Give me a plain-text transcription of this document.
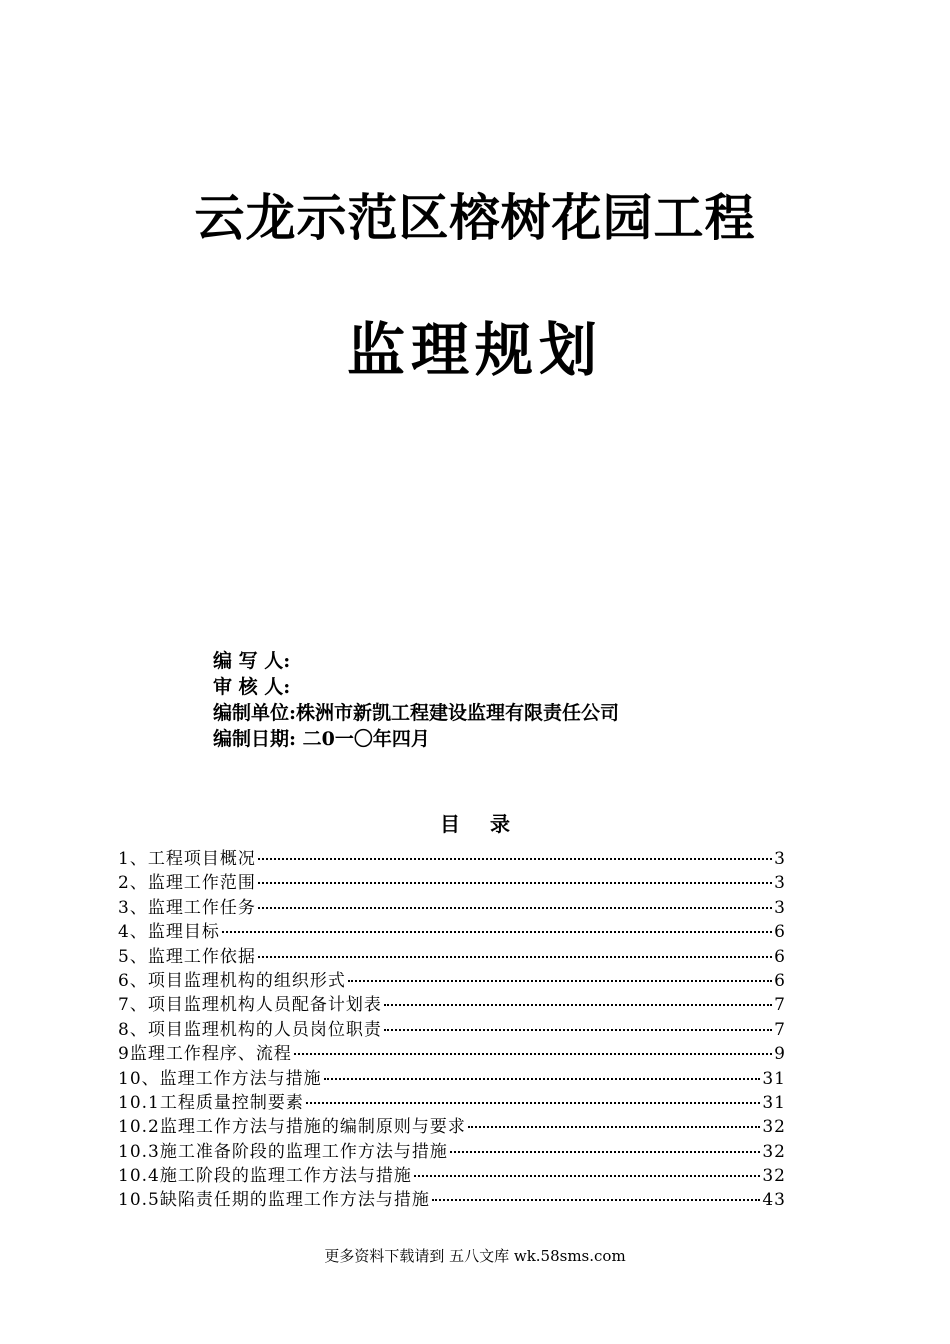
云龙示范区榕树花园工程
监理规划
编 写 人:
审 核 人:
编制单位:株洲市新凯工程建设监理有限责任公司
编制日期: 二0一〇年四月
目录
1、工程项目概况	3
2、监理工作范围	3
3、监理工作任务	3
4、监理目标	6
5、监理工作依据	6
6、项目监理机构的组织形式	6
7、项目监理机构人员配备计划表	7
8、项目监理机构的人员岗位职责	7
9监理工作程序、流程	9
10、监理工作方法与措施	31
10.1工程质量控制要素	31
10.2监理工作方法与措施的编制原则与要求	32
10.3施工准备阶段的监理工作方法与措施	32
10.4施工阶段的监理工作方法与措施	32
10.5缺陷责任期的监理工作方法与措施	43
更多资料下载请到 五八文库 wk.58sms.com
